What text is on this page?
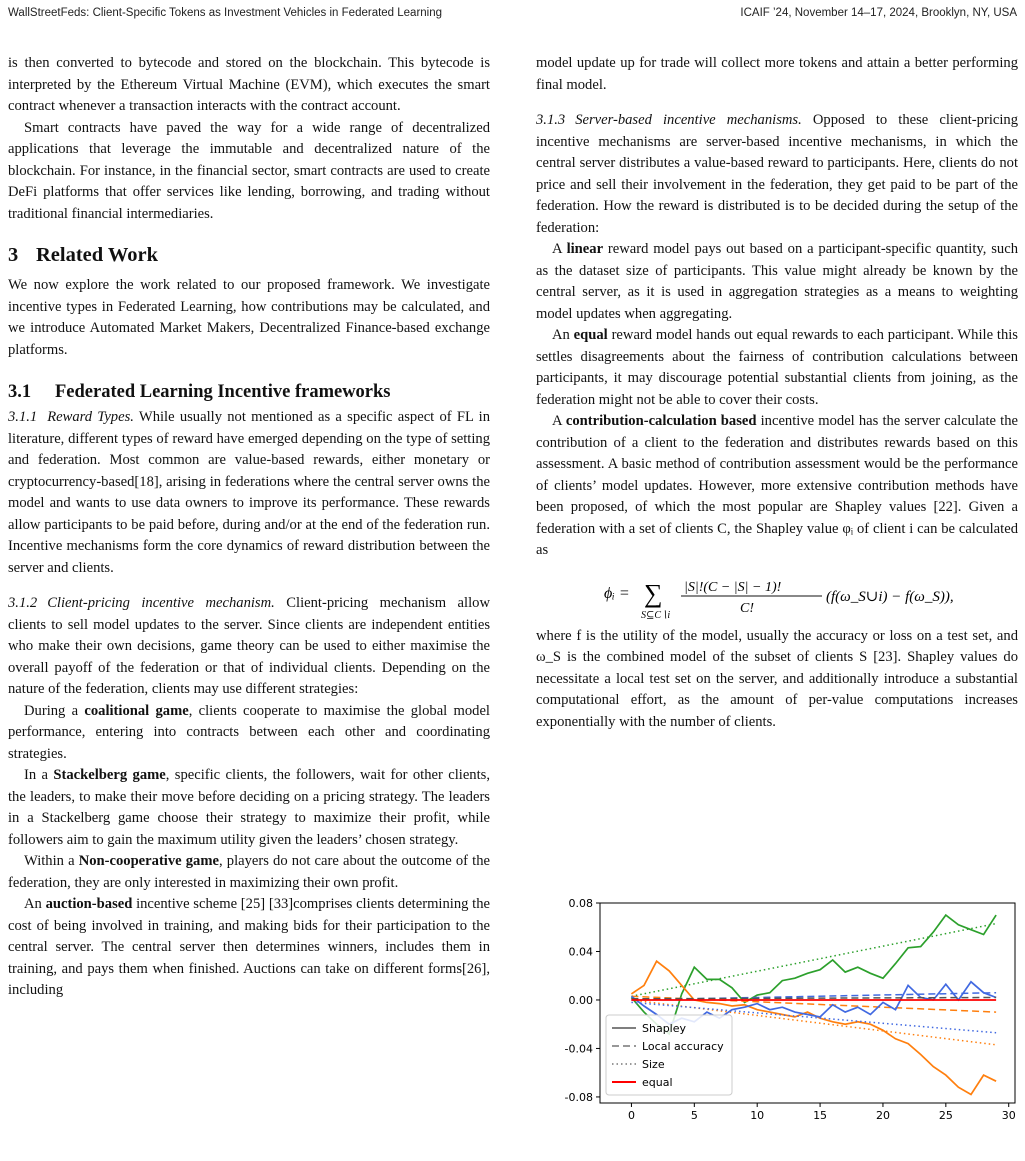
WallStreetFeds: Client-Specific Tokens as Investment Vehicles in Federated Learning	ICAIF ’24, November 14–17, 2024, Brooklyn, NY, USA

is then converted to bytecode and stored on the blockchain. This bytecode is interpreted by the Ethereum Virtual Machine (EVM), which executes the smart contract whenever a transaction interacts with the contract account.

Smart contracts have paved the way for a wide range of decentralized applications that leverage the immutable and decentralized nature of the blockchain. For instance, in the financial sector, smart contracts are used to create DeFi platforms that offer services like lending, borrowing, and trading without traditional financial intermediaries.

3 Related Work

We now explore the work related to our proposed framework. We investigate incentive types in Federated Learning, how contributions may be calculated, and we introduce Automated Market Makers, Decentralized Finance-based exchange platforms.

3.1 Federated Learning Incentive frameworks

3.1.1 Reward Types. While usually not mentioned as a specific aspect of FL in literature, different types of reward have emerged depending on the type of setting and federation. Most common are value-based rewards, either monetary or cryptocurrency-based[18], arising in federations where the central server owns the model and wants to use data owners to improve its performance. These rewards allow participants to be paid before, during and/or at the end of the federation run. Incentive mechanisms form the core dynamics of reward distribution between the server and clients.

3.1.2 Client-pricing incentive mechanism. Client-pricing mechanism allow clients to sell model updates to the server. Since clients are independent entities who make their own decisions, game theory can be used to either maximise the overall payoff of the federation or that of individual clients. Depending on the nature of the federation, clients may use different strategies:

During a coalitional game, clients cooperate to maximise the global model performance, entering into contracts between each other and coordinating strategies.

In a Stackelberg game, specific clients, the followers, wait for other clients, the leaders, to make their move before deciding on a pricing strategy. The leaders in a Stackelberg game choose their strategy to maximize their profit, while followers aim to gain the maximum utility given the leaders’ chosen strategy.

Within a Non-cooperative game, players do not care about the outcome of the federation, they are only interested in maximizing their own profit.

An auction-based incentive scheme [25] [33]comprises clients determining the cost of being involved in training, and making bids for their participation to the central server. The central server then determines winners, includes them in training, and pays them when finished. Auctions can take on different forms[26], including

model update up for trade will collect more tokens and attain a better performing final model.

3.1.3 Server-based incentive mechanisms. Opposed to these client-pricing incentive mechanisms are server-based incentive mechanisms, in which the central server distributes a value-based reward to participants. Here, clients do not price and sell their involvement in the federation, they get paid to be part of the federation. How the reward is distributed is to be decided during the setup of the federation:

A linear reward model pays out based on a participant-specific quantity, such as the dataset size of participants. This value might already be known by the central server, as it is used in aggregation strategies as a means to weighting model updates when aggregating.

An equal reward model hands out equal rewards to each participant. While this settles disagreements about the fairness of contribution calculations between participants, it may discourage potential substantial clients from joining, as the federation might not be able to cover their costs.

A contribution-calculation based incentive model has the server calculate the contribution of a client to the federation and distributes rewards based on this assessment. A basic method of contribution assessment would be the performance of clients’ model updates. However, more extensive contribution methods have been proposed, of which the most popular are Shapley values [22]. Given a federation with a set of clients C, the Shapley value φᵢ of client i can be calculated as

ϕᵢ = ∑
S⊆C∖i
|S|!(C − |S| − 1)!
C!
(f(ω_S∪i) − f(ω_S)),

where f is the utility of the model, usually the accuracy or loss on a test set, and ω_S is the combined model of the subset of clients S [23]. Shapley values do necessitate a local test set on the server, and additionally introduce a substantial computational effort, as the amount of per-value computations increases exponentially with the number of clients.

0	5	10	15	20	25	30
0.08
0.04
0.00
-0.04
-0.08
Shapley
Local accuracy
Size
equal
